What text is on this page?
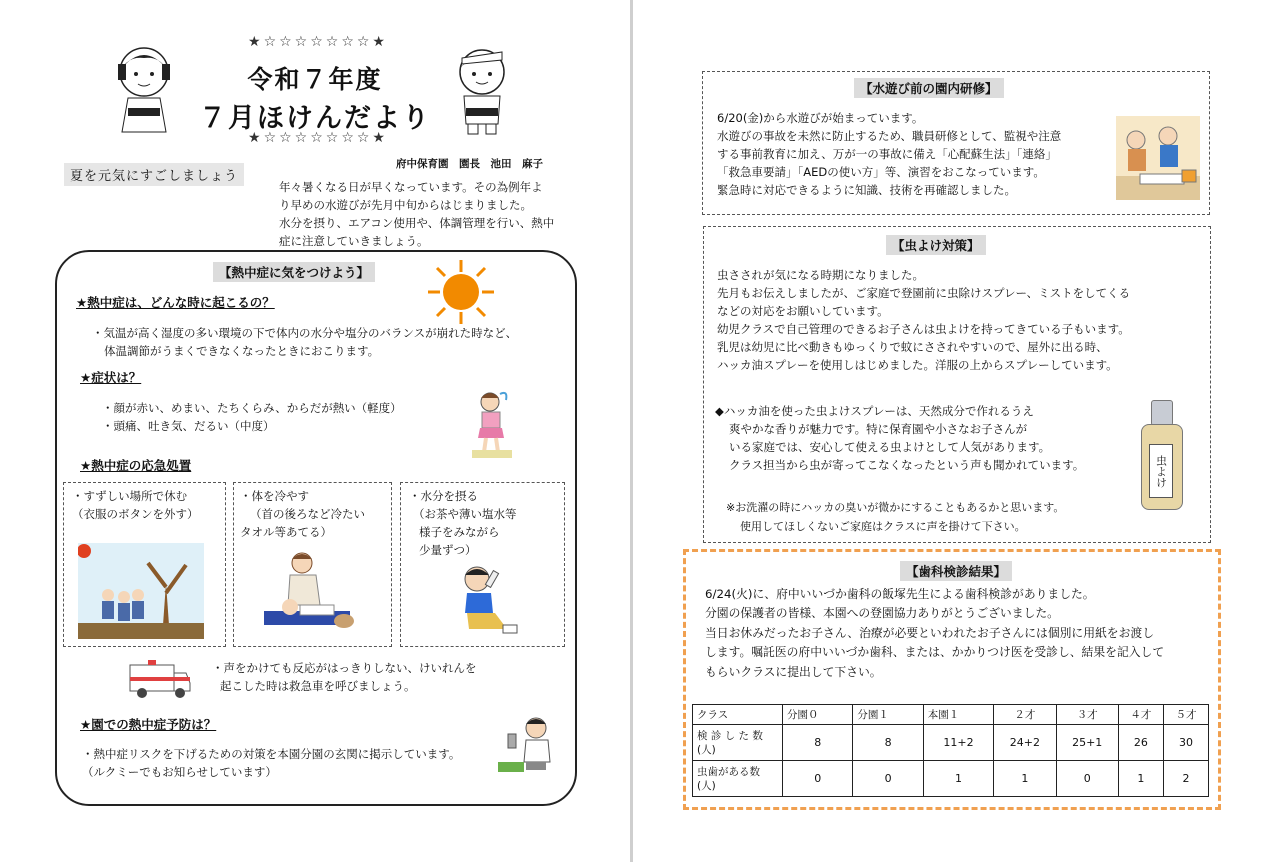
★☆☆☆☆☆☆☆★
令和７年度
７月ほけんだより
★☆☆☆☆☆☆☆★
府中保育園　園長　池田　麻子
夏を元気にすごしましょう
年々暑くなる日が早くなっています。その為例年よ
り早めの水遊びが先月中旬からはじまりました。
水分を摂り、エアコン使用や、体調管理を行い、熱中
症に注意していきましょう。
【熱中症に気をつけよう】
★熱中症は、どんな時に起こるの？
・気温が高く湿度の多い環境の下で体内の水分や塩分のバランスが崩れた時など、
体温調節がうまくできなくなったときにおこります。
★症状は？
・顔が赤い、めまい、たちくらみ、からだが熱い（軽度）
・頭痛、吐き気、だるい（中度）
★熱中症の応急処置
・すずしい場所で休む
（衣服のボタンを外す）
・体を冷やす
（首の後ろなど冷たい
タオル等あてる）
・水分を摂る
（お茶や薄い塩水等
様子をみながら
少量ずつ）
・声をかけても反応がはっきりしない、けいれんを
起こした時は救急車を呼びましょう。
★園での熱中症予防は？
・熱中症リスクを下げるための対策を本園分園の玄関に掲示しています。
（ルクミーでもお知らせしています）
【水遊び前の園内研修】
6/20(金)から水遊びが始まっています。
水遊びの事故を未然に防止するため、職員研修として、監視や注意
する事前教育に加え、万が一の事故に備え「心配蘇生法」「連絡」
「救急車要請」「AEDの使い方」等、演習をおこなっています。
緊急時に対応できるように知識、技術を再確認しました。
【虫よけ対策】
虫さされが気になる時期になりました。
先月もお伝えしましたが、ご家庭で登園前に虫除けスプレー、ミストをしてくる
などの対応をお願いしています。
幼児クラスで自己管理のできるお子さんは虫よけを持ってきている子もいます。
乳児は幼児に比べ動きもゆっくりで蚊にさされやすいので、屋外に出る時、
ハッカ油スプレーを使用しはじめました。洋服の上からスプレーしています。
◆ハッカ油を使った虫よけスプレーは、天然成分で作れるうえ
爽やかな香りが魅力です。特に保育園や小さなお子さんが
いる家庭では、安心して使える虫よけとして人気があります。
クラス担当から虫が寄ってこなくなったという声も聞かれています。
※お洗濯の時にハッカの臭いが微かにすることもあるかと思います。
使用してほしくないご家庭はクラスに声を掛けて下さい。
虫よけ
【歯科検診結果】
6/24(火)に、府中いいづか歯科の飯塚先生による歯科検診がありました。
分園の保護者の皆様、本園への登園協力ありがとうございました。
当日お休みだったお子さん、治療が必要といわれたお子さんには個別に用紙をお渡し
します。嘱託医の府中いいづか歯科、または、かかりつけ医を受診し、結果を記入して
もらいクラスに提出して下さい。
クラス	分園０	分園１	本園１	２才	３才	４才	５才

検 診 し た 数
(人)	8	8	11+2	24+2	25+1	26	30

虫歯がある数
(人)	0	0	1	1	0	1	2
